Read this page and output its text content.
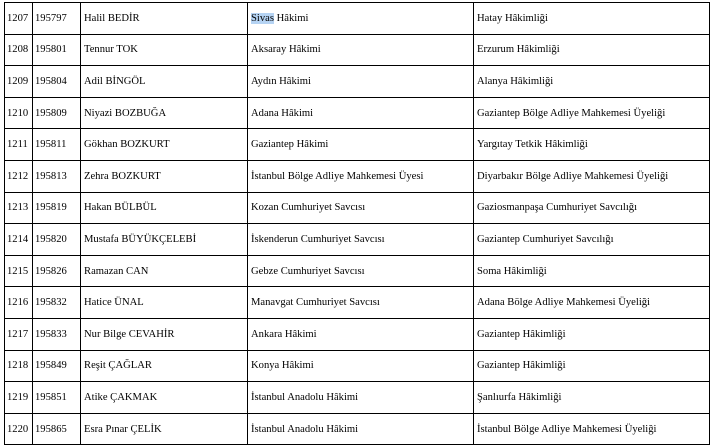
1207	195797	Halil BEDİR	Sivas Hâkimi	Hatay Hâkimliği
1208	195801	Tennur TOK	Aksaray Hâkimi	Erzurum Hâkimliği
1209	195804	Adil BİNGÖL	Aydın Hâkimi	Alanya Hâkimliği
1210	195809	Niyazi BOZBUĞA	Adana Hâkimi	Gaziantep Bölge Adliye Mahkemesi Üyeliği
1211	195811	Gökhan BOZKURT	Gaziantep Hâkimi	Yargıtay Tetkik Hâkimliği
1212	195813	Zehra BOZKURT	İstanbul Bölge Adliye Mahkemesi Üyesi	Diyarbakır Bölge Adliye Mahkemesi Üyeliği
1213	195819	Hakan BÜLBÜL	Kozan Cumhuriyet Savcısı	Gaziosmanpaşa Cumhuriyet Savcılığı
1214	195820	Mustafa BÜYÜKÇELEBİ	İskenderun Cumhuriyet Savcısı	Gaziantep Cumhuriyet Savcılığı
1215	195826	Ramazan CAN	Gebze Cumhuriyet Savcısı	Soma Hâkimliği
1216	195832	Hatice ÜNAL	Manavgat Cumhuriyet Savcısı	Adana Bölge Adliye Mahkemesi Üyeliği
1217	195833	Nur Bilge CEVAHİR	Ankara Hâkimi	Gaziantep Hâkimliği
1218	195849	Reşit ÇAĞLAR	Konya Hâkimi	Gaziantep Hâkimliği
1219	195851	Atike ÇAKMAK	İstanbul Anadolu Hâkimi	Şanlıurfa Hâkimliği
1220	195865	Esra Pınar ÇELİK	İstanbul Anadolu Hâkimi	İstanbul Bölge Adliye Mahkemesi Üyeliği
